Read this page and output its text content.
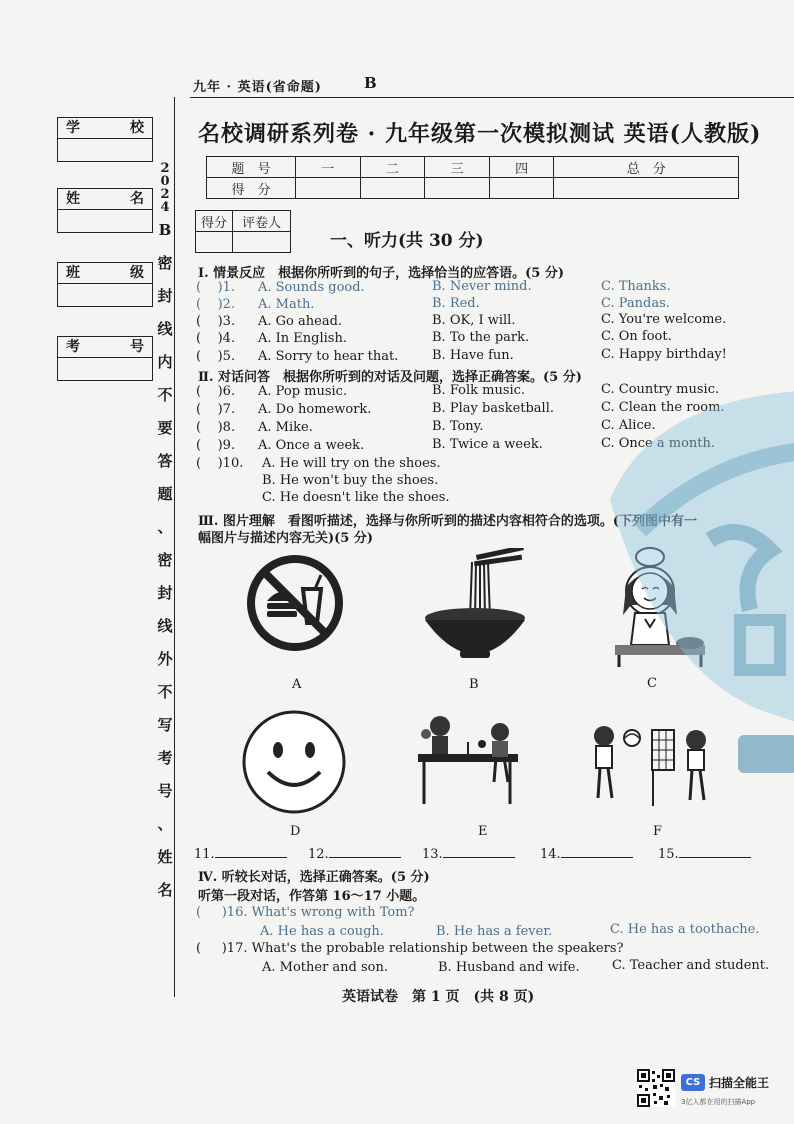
九年 · 英语(省命题)	B
名校调研系列卷 · 九年级第一次模拟测试 英语(人教版)
学	校
姓	名
班	级
考	号
2
0
2
4
B
密
封
线
内
不
要
答
题
、
密
封
线
外
不
写
考
号
、
姓
名
题　号	一	二	三	四	总　分
得　分					
得分	评卷人

一、听力(共 30 分)
Ⅰ. 情景反应　根据你所听到的句子，选择恰当的应答语。(5 分)
(    )1. A. Sounds good.	B. Never mind.	C. Thanks.
(    )2. A. Math.	B. Red.	C. Pandas.
(    )3. A. Go ahead.	B. OK, I will.	C. You're welcome.
(    )4. A. In English.	B. To the park.	C. On foot.
(    )5. A. Sorry to hear that.	B. Have fun.	C. Happy birthday!
Ⅱ. 对话问答　根据你所听到的对话及问题，选择正确答案。(5 分)
(    )6. A. Pop music.	B. Folk music.	C. Country music.
(    )7. A. Do homework.	B. Play basketball.	C. Clean the room.
(    )8. A. Mike.	B. Tony.	C. Alice.
(    )9. A. Once a week.	B. Twice a week.	C. Once a month.
(    )10. A. He will try on the shoes.
B. He won't buy the shoes.
C. He doesn't like the shoes.
Ⅲ. 图片理解　看图听描述，选择与你所听到的描述内容相符合的选项。(下列图中有一
幅图片与描述内容无关)(5 分)
A	B	C
D	E	F
11.	12.	13.	14.	15.
Ⅳ. 听较长对话，选择正确答案。(5 分)
听第一段对话，作答第 16～17 小题。
(     )16. What's wrong with Tom?
A. He has a cough.	B. He has a fever.	C. He has a toothache.
(     )17. What's the probable relationship between the speakers?
A. Mother and son.	B. Husband and wife. C. Teacher and student.
英语试卷　第 1 页　(共 8 页)
CS 扫描全能王
3亿人都在用的扫描App
